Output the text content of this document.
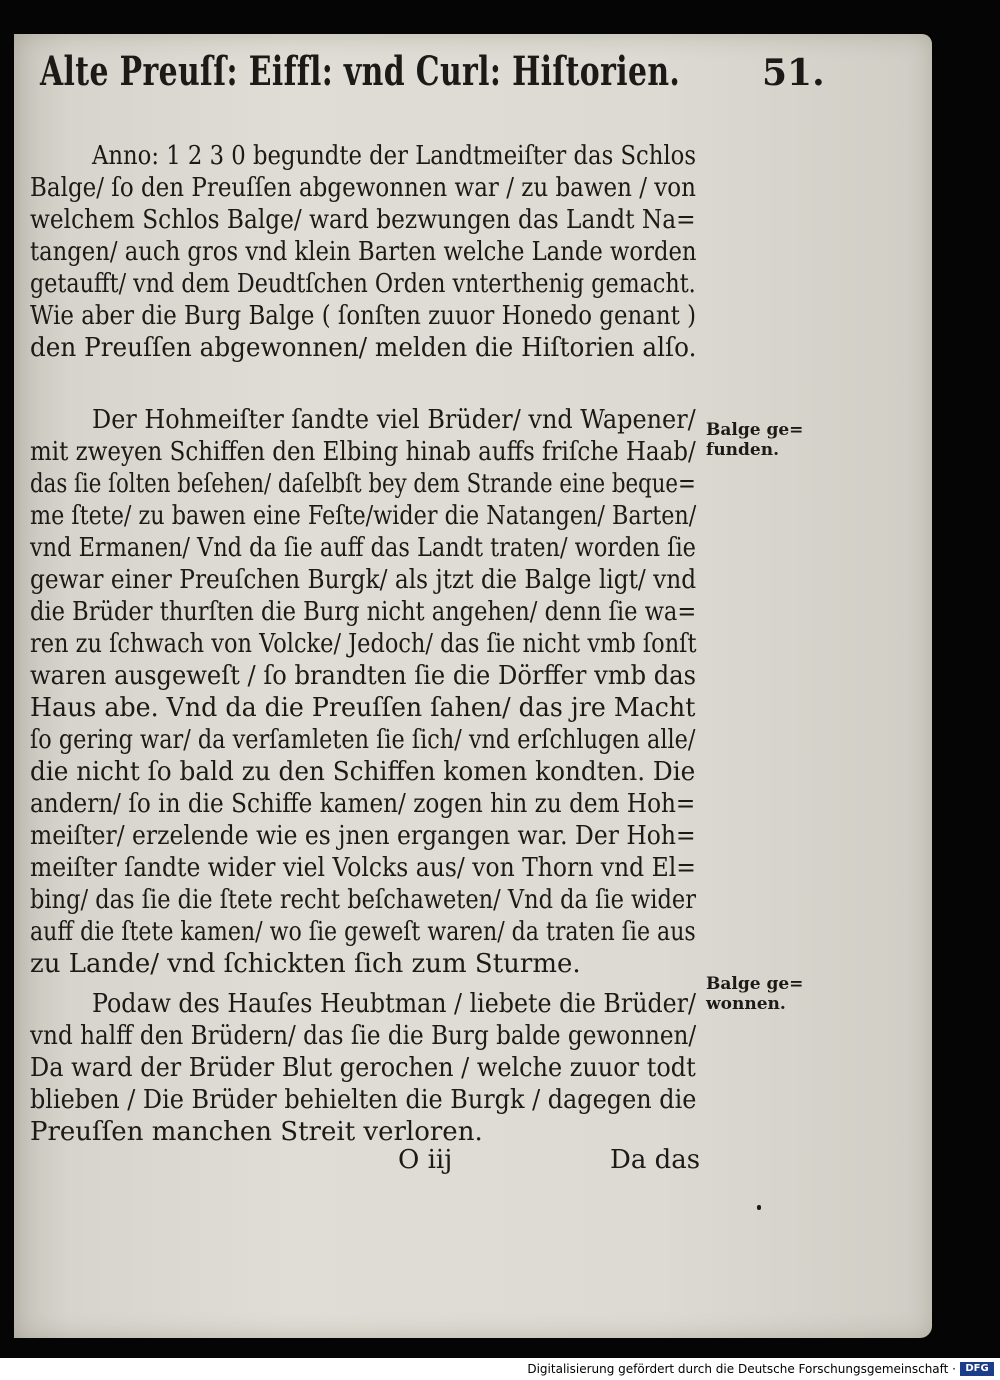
Alte Preuſſ: Eiffl: vnd Curl: Hiſtorien. 51.
Anno: 1 2 3 0 begundte der Landtmeiſter das Schlos
Balge/ ſo den Preuſſen abgewonnen war / zu bawen / von
welchem Schlos Balge/ ward bezwungen das Landt Na=
tangen/ auch gros vnd klein Barten welche Lande worden
getaufft/ vnd dem Deudtſchen Orden vnterthenig gemacht.
Wie aber die Burg Balge ( ſonſten zuuor Honedo genant )
den Preuſſen abgewonnen/ melden die Hiſtorien alſo.
Der Hohmeiſter ſandte viel Brüder/ vnd Wapener/
mit zweyen Schiffen den Elbing hinab auffs friſche Haab/
das ſie ſolten beſehen/ daſelbſt bey dem Strande eine beque=
me ſtete/ zu bawen eine Feſte/wider die Natangen/ Barten/
vnd Ermanen/ Vnd da ſie auff das Landt traten/ worden ſie
gewar einer Preuſchen Burgk/ als jtzt die Balge ligt/ vnd
die Brüder thurſten die Burg nicht angehen/ denn ſie wa=
ren zu ſchwach von Volcke/ Jedoch/ das ſie nicht vmb ſonſt
waren ausgeweſt / ſo brandten ſie die Dörffer vmb das
Haus abe. Vnd da die Preuſſen ſahen/ das jre Macht
ſo gering war/ da verſamleten ſie ſich/ vnd erſchlugen alle/
die nicht ſo bald zu den Schiffen komen kondten. Die
andern/ ſo in die Schiffe kamen/ zogen hin zu dem Hoh=
meiſter/ erzelende wie es jnen ergangen war. Der Hoh=
meiſter ſandte wider viel Volcks aus/ von Thorn vnd El=
bing/ das ſie die ſtete recht beſchaweten/ Vnd da ſie wider
auff die ſtete kamen/ wo ſie geweſt waren/ da traten ſie aus
zu Lande/ vnd ſchickten ſich zum Sturme.
Podaw des Hauſes Heubtman / liebete die Brüder/
vnd halff den Brüdern/ das ſie die Burg balde gewonnen/
Da ward der Brüder Blut gerochen / welche zuuor todt
blieben / Die Brüder behielten die Burgk / dagegen die
Preuſſen manchen Streit verloren.
Balge ge=
funden.
Balge ge=
wonnen.
O iij	Da das
Digitalisierung gefördert durch die Deutsche Forschungsgemeinschaft · DFG
